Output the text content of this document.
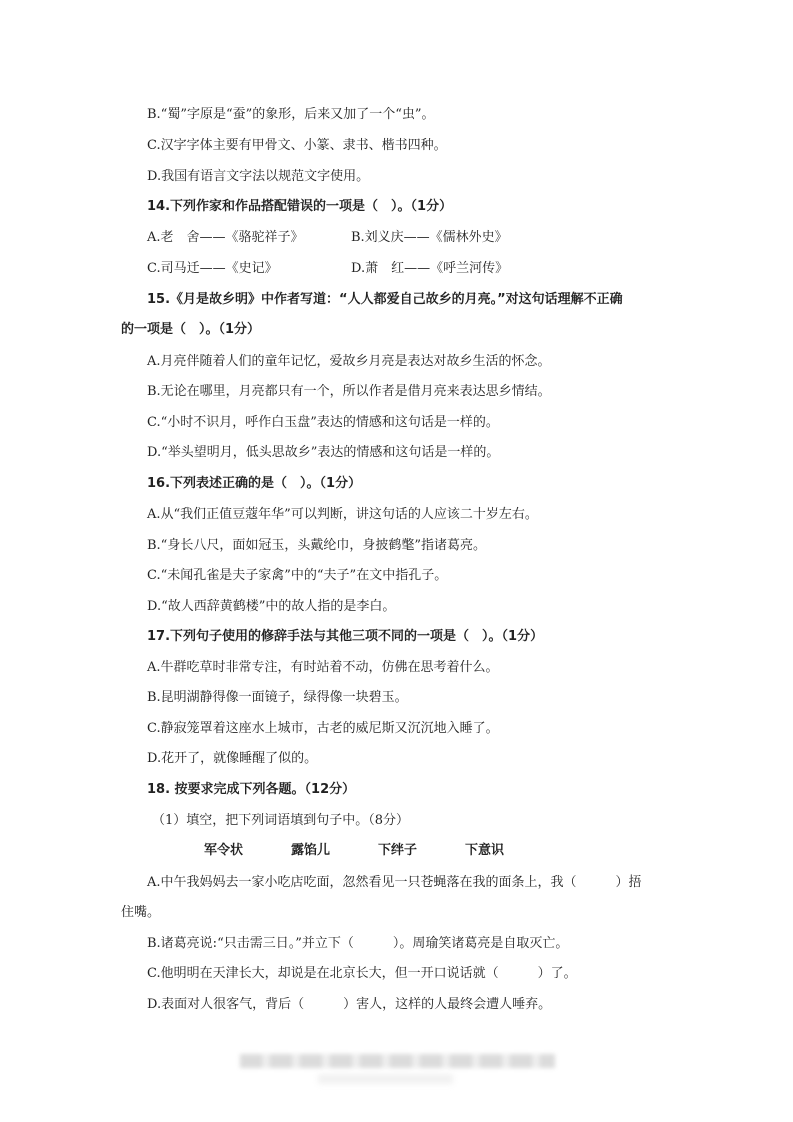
B.“蜀”字原是“蚕”的象形，后来又加了一个“虫”。
C.汉字字体主要有甲骨文、小篆、隶书、楷书四种。
D.我国有语言文字法以规范文字使用。
14.下列作家和作品搭配错误的一项是（　）。（1分）
A.老　舍——《骆驼祥子》	B.刘义庆——《儒林外史》
C.司马迁——《史记》	D.萧　红——《呼兰河传》
15.《月是故乡明》中作者写道：“人人都爱自己故乡的月亮。”对这句话理解不正确
的一项是（　）。（1分）
A.月亮伴随着人们的童年记忆，爱故乡月亮是表达对故乡生活的怀念。
B.无论在哪里，月亮都只有一个，所以作者是借月亮来表达思乡情结。
C.“小时不识月，呼作白玉盘”表达的情感和这句话是一样的。
D.“举头望明月，低头思故乡”表达的情感和这句话是一样的。
16.下列表述正确的是（　）。（1分）
A.从“我们正值豆蔻年华”可以判断，讲这句话的人应该二十岁左右。
B.“身长八尺，面如冠玉，头戴纶巾，身披鹤氅”指诸葛亮。
C.“未闻孔雀是夫子家禽”中的“夫子”在文中指孔子。
D.“故人西辞黄鹤楼”中的故人指的是李白。
17.下列句子使用的修辞手法与其他三项不同的一项是（　）。（1分）
A.牛群吃草时非常专注，有时站着不动，仿佛在思考着什么。
B.昆明湖静得像一面镜子，绿得像一块碧玉。
C.静寂笼罩着这座水上城市，古老的威尼斯又沉沉地入睡了。
D.花开了，就像睡醒了似的。
18. 按要求完成下列各题。（12分）
（1）填空，把下列词语填到句子中。（8分）
军令状	露馅儿	下绊子	下意识
A.中午我妈妈去一家小吃店吃面，忽然看见一只苍蝇落在我的面条上，我（　　　）捂
住嘴。
B.诸葛亮说:“只击需三日。”并立下（　　　）。周瑜笑诸葛亮是自取灭亡。
C.他明明在天津长大，却说是在北京长大，但一开口说话就（　　　）了。
D.表面对人很客气，背后（　　　）害人，这样的人最终会遭人唾弃。
